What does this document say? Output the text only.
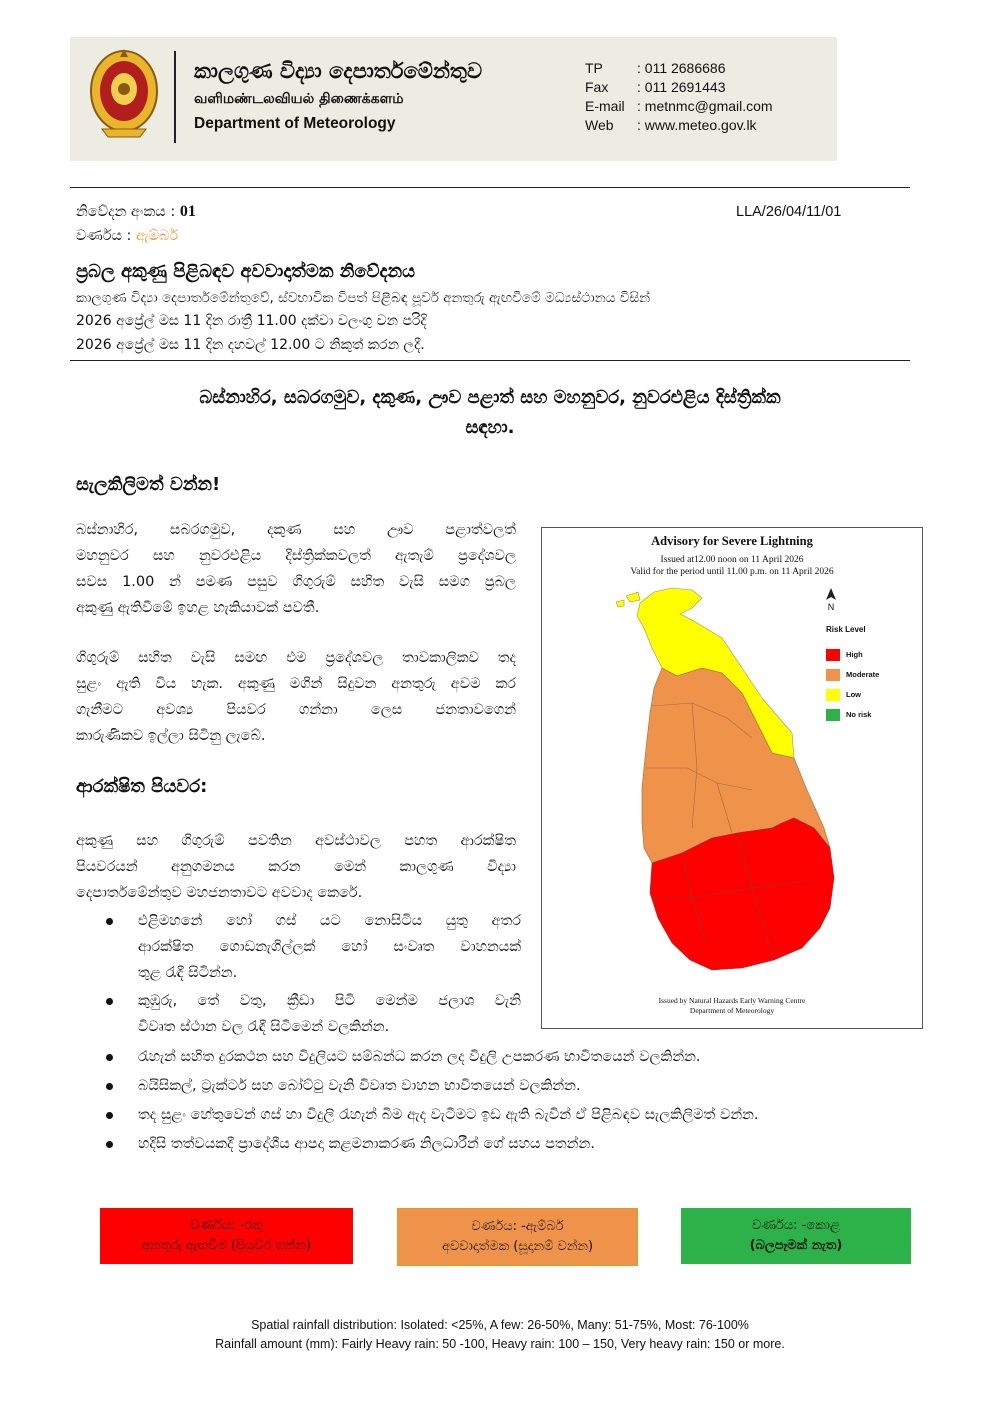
කාලගුණ විද්‍යා දෙපාර්තමේන්තුව
வளிமண்டலவியல் திணைக்களம்
Department of Meteorology
TP	: 011 2686686
Fax	: 011 2691443
E-mail : metnmc@gmail.com
Web	: www.meteo.gov.lk
නිවේදන අංකය : 01	LLA/26/04/11/01
වර්ණය : ඇම්බර්
ප්‍රබල අකුණු පිළිබඳව අවවාදාත්මක නිවේදනය
කාලගුණ විද්‍යා දෙපාර්තමේන්තුවේ, ස්වභාවික විපත් පිළිබඳ පූර්ව අනතුරු ඇඟවීමේ මධ්‍යස්ථානය විසින්
2026 අප්‍රේල් මස 11 දින රාත්‍රී 11.00 දක්වා වලංගු වන පරිදි
2026 අප්‍රේල් මස 11 දින දහවල් 12.00 ට නිකුත් කරන ලදී.
බස්නාහිර, සබරගමුව, දකුණ, ඌව පළාත් සහ මහනුවර, නුවරඑළිය දිස්ත්‍රික්ක
සඳහා.
සැලකිලිමත් වන්න!
බස්නාහිර, සබරගමුව, දකුණ සහ ඌව පළාත්වලත්
මහනුවර සහ නුවරඑළිය දිස්ත්‍රික්කවලත් ඇතැම් ප්‍රදේශවල
සවස 1.00 න් පමණ පසුව ගිගුරුම් සහිත වැසි සමග ප්‍රබල
අකුණු ඇතිවීමේ ඉහළ හැකියාවක් පවතී.
ගිගුරුම් සහිත වැසි සමඟ එම ප්‍රදේශවල තාවකාලිකව තද
සුළං ඇති විය හැක. අකුණු මගින් සිදුවන අනතුරු අවම කර
ගැනීමට අවශ්‍ය පියවර ගන්නා ලෙස ජනතාවගෙන්
කාරුණිකව ඉල්ලා සිටිනු ලැබේ.
ආරක්ෂිත පියවර:
අකුණු සහ ගිගුරුම් පවතින අවස්ථාවල පහත ආරක්ෂිත
පියවරයන් අනුගමනය කරන මෙන් කාලගුණ විද්‍යා
දෙපාර්තමේන්තුව මහජනතාවට අවවාද කෙරේ.
එළිමහනේ හෝ ගස් යට නොසිටිය යුතු අතර
ආරක්ෂිත ගොඩනැගිල්ලක් හෝ සංවෘත වාහනයක්
තුළ රැඳී සිටින්න.
කුඹුරු, තේ වතු, ක්‍රීඩා පිටි මෙන්ම ජලාශ වැනි
විවෘත ස්ථාන වල රැඳී සිටීමෙන් වලකින්න.
රැහැන් සහිත දුරකථන සහ විදුලියට සම්බන්ධ කරන ලද විදුලි උපකරණ භාවිතයෙන් වලකින්න.
බයිසිකල්, ට්‍රැක්ටර් සහ බෝට්ටු වැනි විවෘත වාහන භාවිතයෙන් වලකින්න.
තද සුළං හේතුවෙන් ගස් හා විදුලි රැහැන් බිම ඇද වැටීමට ඉඩ ඇති බැවින් ඒ පිළිබඳව සැලකිලිමත් වන්න.
හදිසි තත්වයකදී ප්‍රාදේශීය ආපදා කළමනාකරණ නිලධාරීන් ගේ සහය පතන්න.
Advisory for Severe Lightning
Issued at12.00 noon on 11 April 2026
Valid for the period until 11.00 p.m. on 11 April 2026
N
Risk Level
High
Moderate
Low
No risk
Issued by Natural Hazards Early Warning Centre
Department of Meteorology
වර්ණය: -රතු
අනතුරු ඇඟවීම (පියවර ගන්න)
වර්ණය: -ඇම්බර්
අවවාදාත්මක (සූදානම් වන්න)
වර්ණය: -කොළ
(බලපෑමක් නැත)
Spatial rainfall distribution: Isolated: <25%, A few: 26-50%, Many: 51-75%, Most: 76-100%
Rainfall amount (mm): Fairly Heavy rain: 50 -100, Heavy rain: 100 – 150, Very heavy rain: 150 or more.
